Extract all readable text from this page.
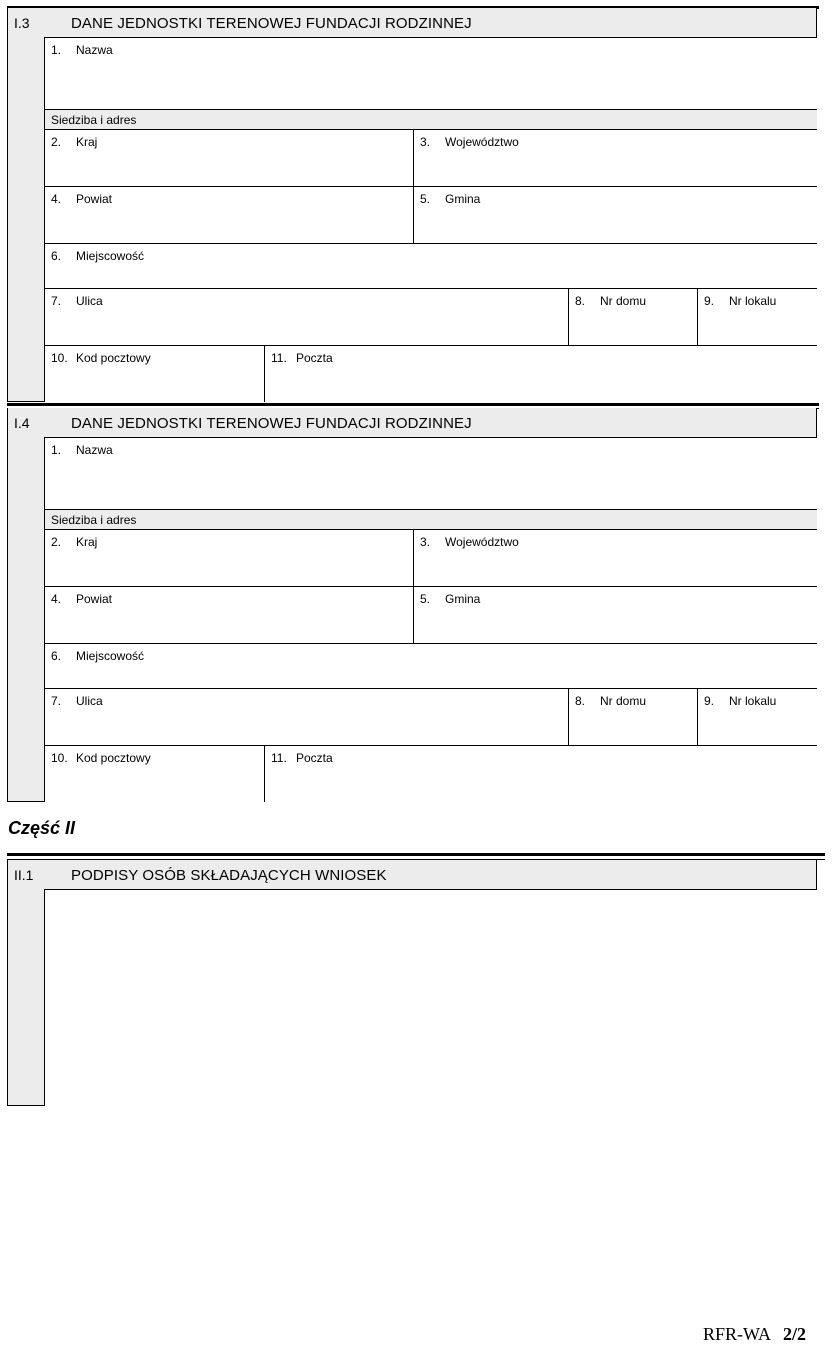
I.3	DANE JEDNOSTKI TERENOWEJ FUNDACJI RODZINNEJ
1. Nazwa
Siedziba i adres
2. Kraj	3. Województwo
4. Powiat	5. Gmina
6. Miejscowość
7. Ulica	8. Nr domu	9. Nr lokalu
10. Kod pocztowy	11. Poczta
I.4	DANE JEDNOSTKI TERENOWEJ FUNDACJI RODZINNEJ
1. Nazwa
Siedziba i adres
2. Kraj	3. Województwo
4. Powiat	5. Gmina
6. Miejscowość
7. Ulica	8. Nr domu	9. Nr lokalu
10. Kod pocztowy	11. Poczta
Część II
II.1	PODPISY OSÓB SKŁADAJĄCYCH WNIOSEK
RFR-WA 2/2
